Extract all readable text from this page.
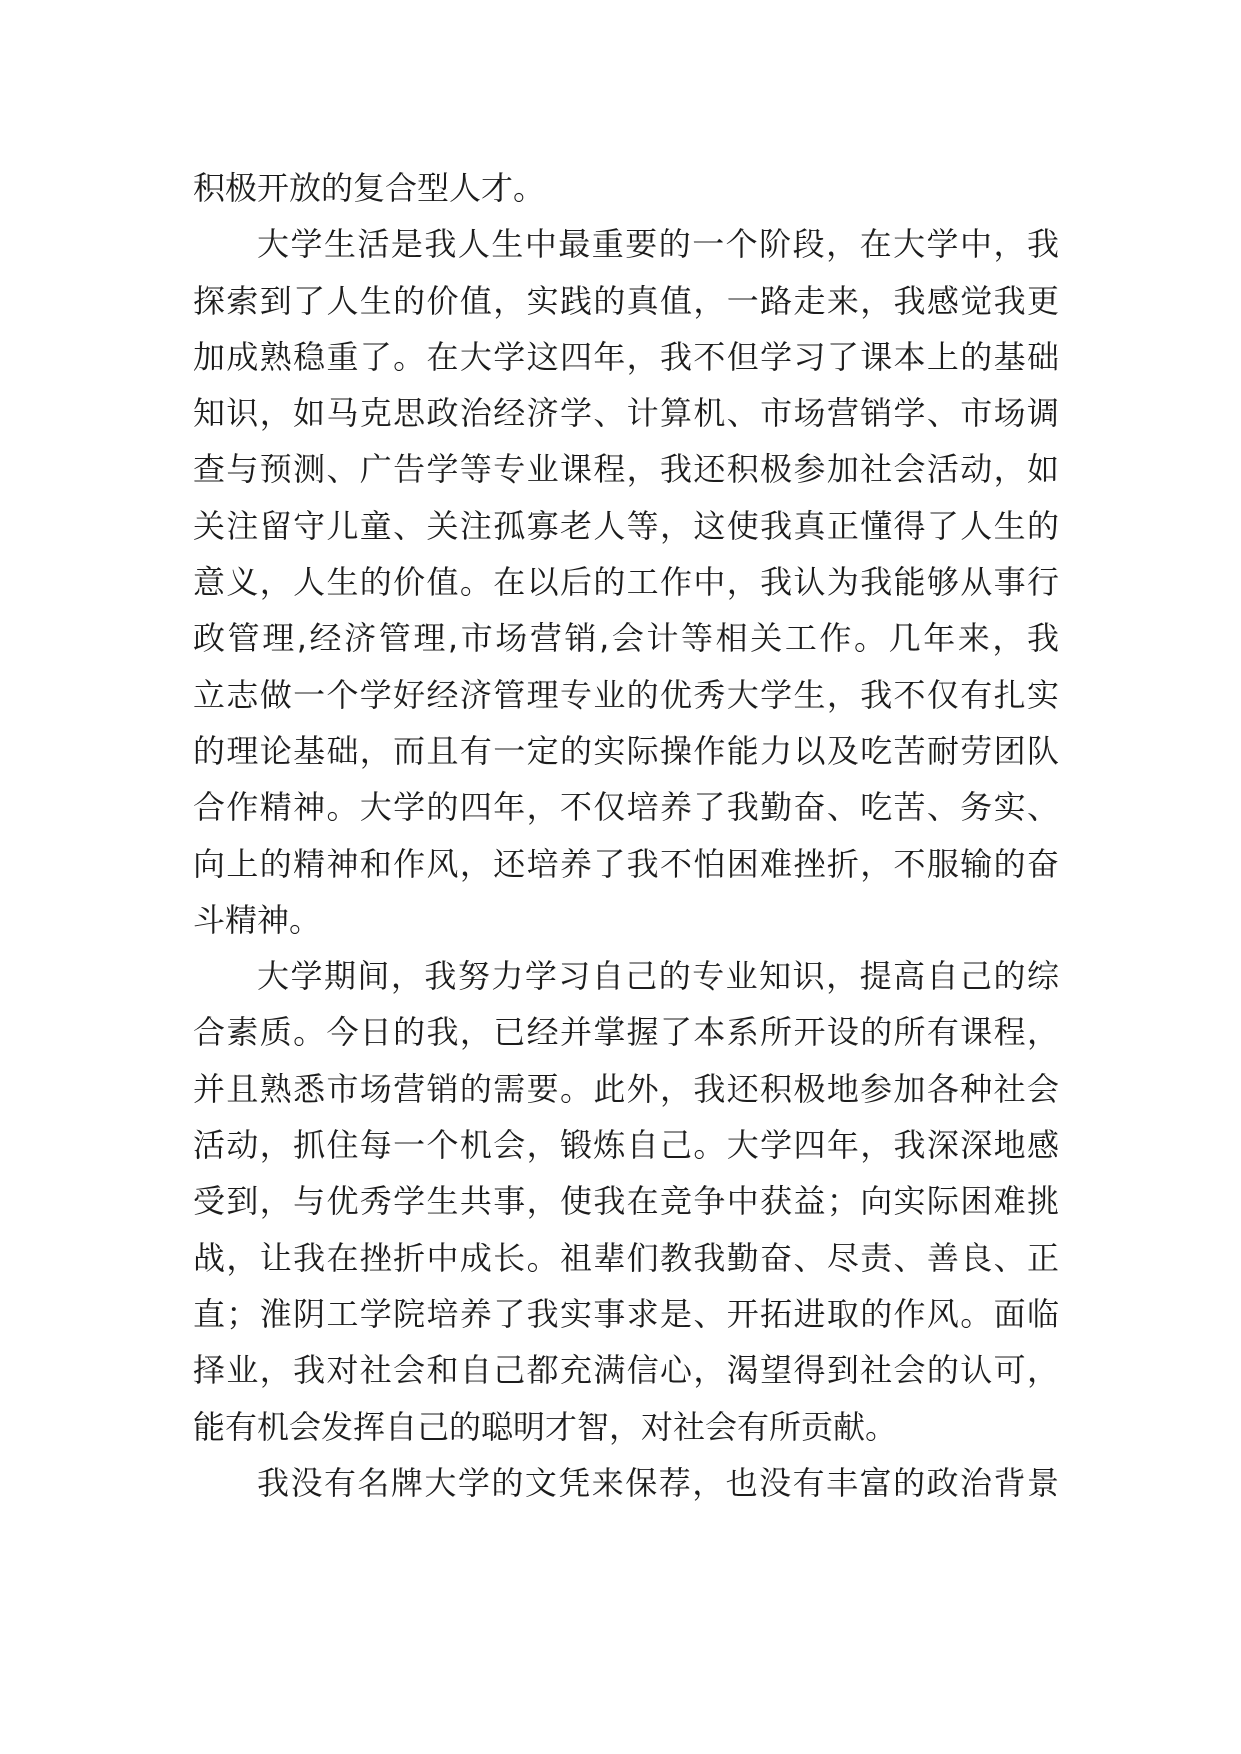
积极开放的复合型人才。
大学生活是我人生中最重要的一个阶段，在大学中，我
探索到了人生的价值，实践的真值，一路走来，我感觉我更
加成熟稳重了。在大学这四年，我不但学习了课本上的基础
知识，如马克思政治经济学、计算机、市场营销学、市场调
查与预测、广告学等专业课程，我还积极参加社会活动，如
关注留守儿童、关注孤寡老人等，这使我真正懂得了人生的
意义，人生的价值。在以后的工作中，我认为我能够从事行
政管理,经济管理,市场营销,会计等相关工作。几年来，我
立志做一个学好经济管理专业的优秀大学生，我不仅有扎实
的理论基础，而且有一定的实际操作能力以及吃苦耐劳团队
合作精神。大学的四年，不仅培养了我勤奋、吃苦、务实、
向上的精神和作风，还培养了我不怕困难挫折，不服输的奋
斗精神。
大学期间，我努力学习自己的专业知识，提高自己的综
合素质。今日的我，已经并掌握了本系所开设的所有课程，
并且熟悉市场营销的需要。此外，我还积极地参加各种社会
活动，抓住每一个机会，锻炼自己。大学四年，我深深地感
受到，与优秀学生共事，使我在竞争中获益；向实际困难挑
战，让我在挫折中成长。祖辈们教我勤奋、尽责、善良、正
直；淮阴工学院培养了我实事求是、开拓进取的作风。面临
择业，我对社会和自己都充满信心，渴望得到社会的认可，
能有机会发挥自己的聪明才智，对社会有所贡献。
我没有名牌大学的文凭来保荐，也没有丰富的政治背景
